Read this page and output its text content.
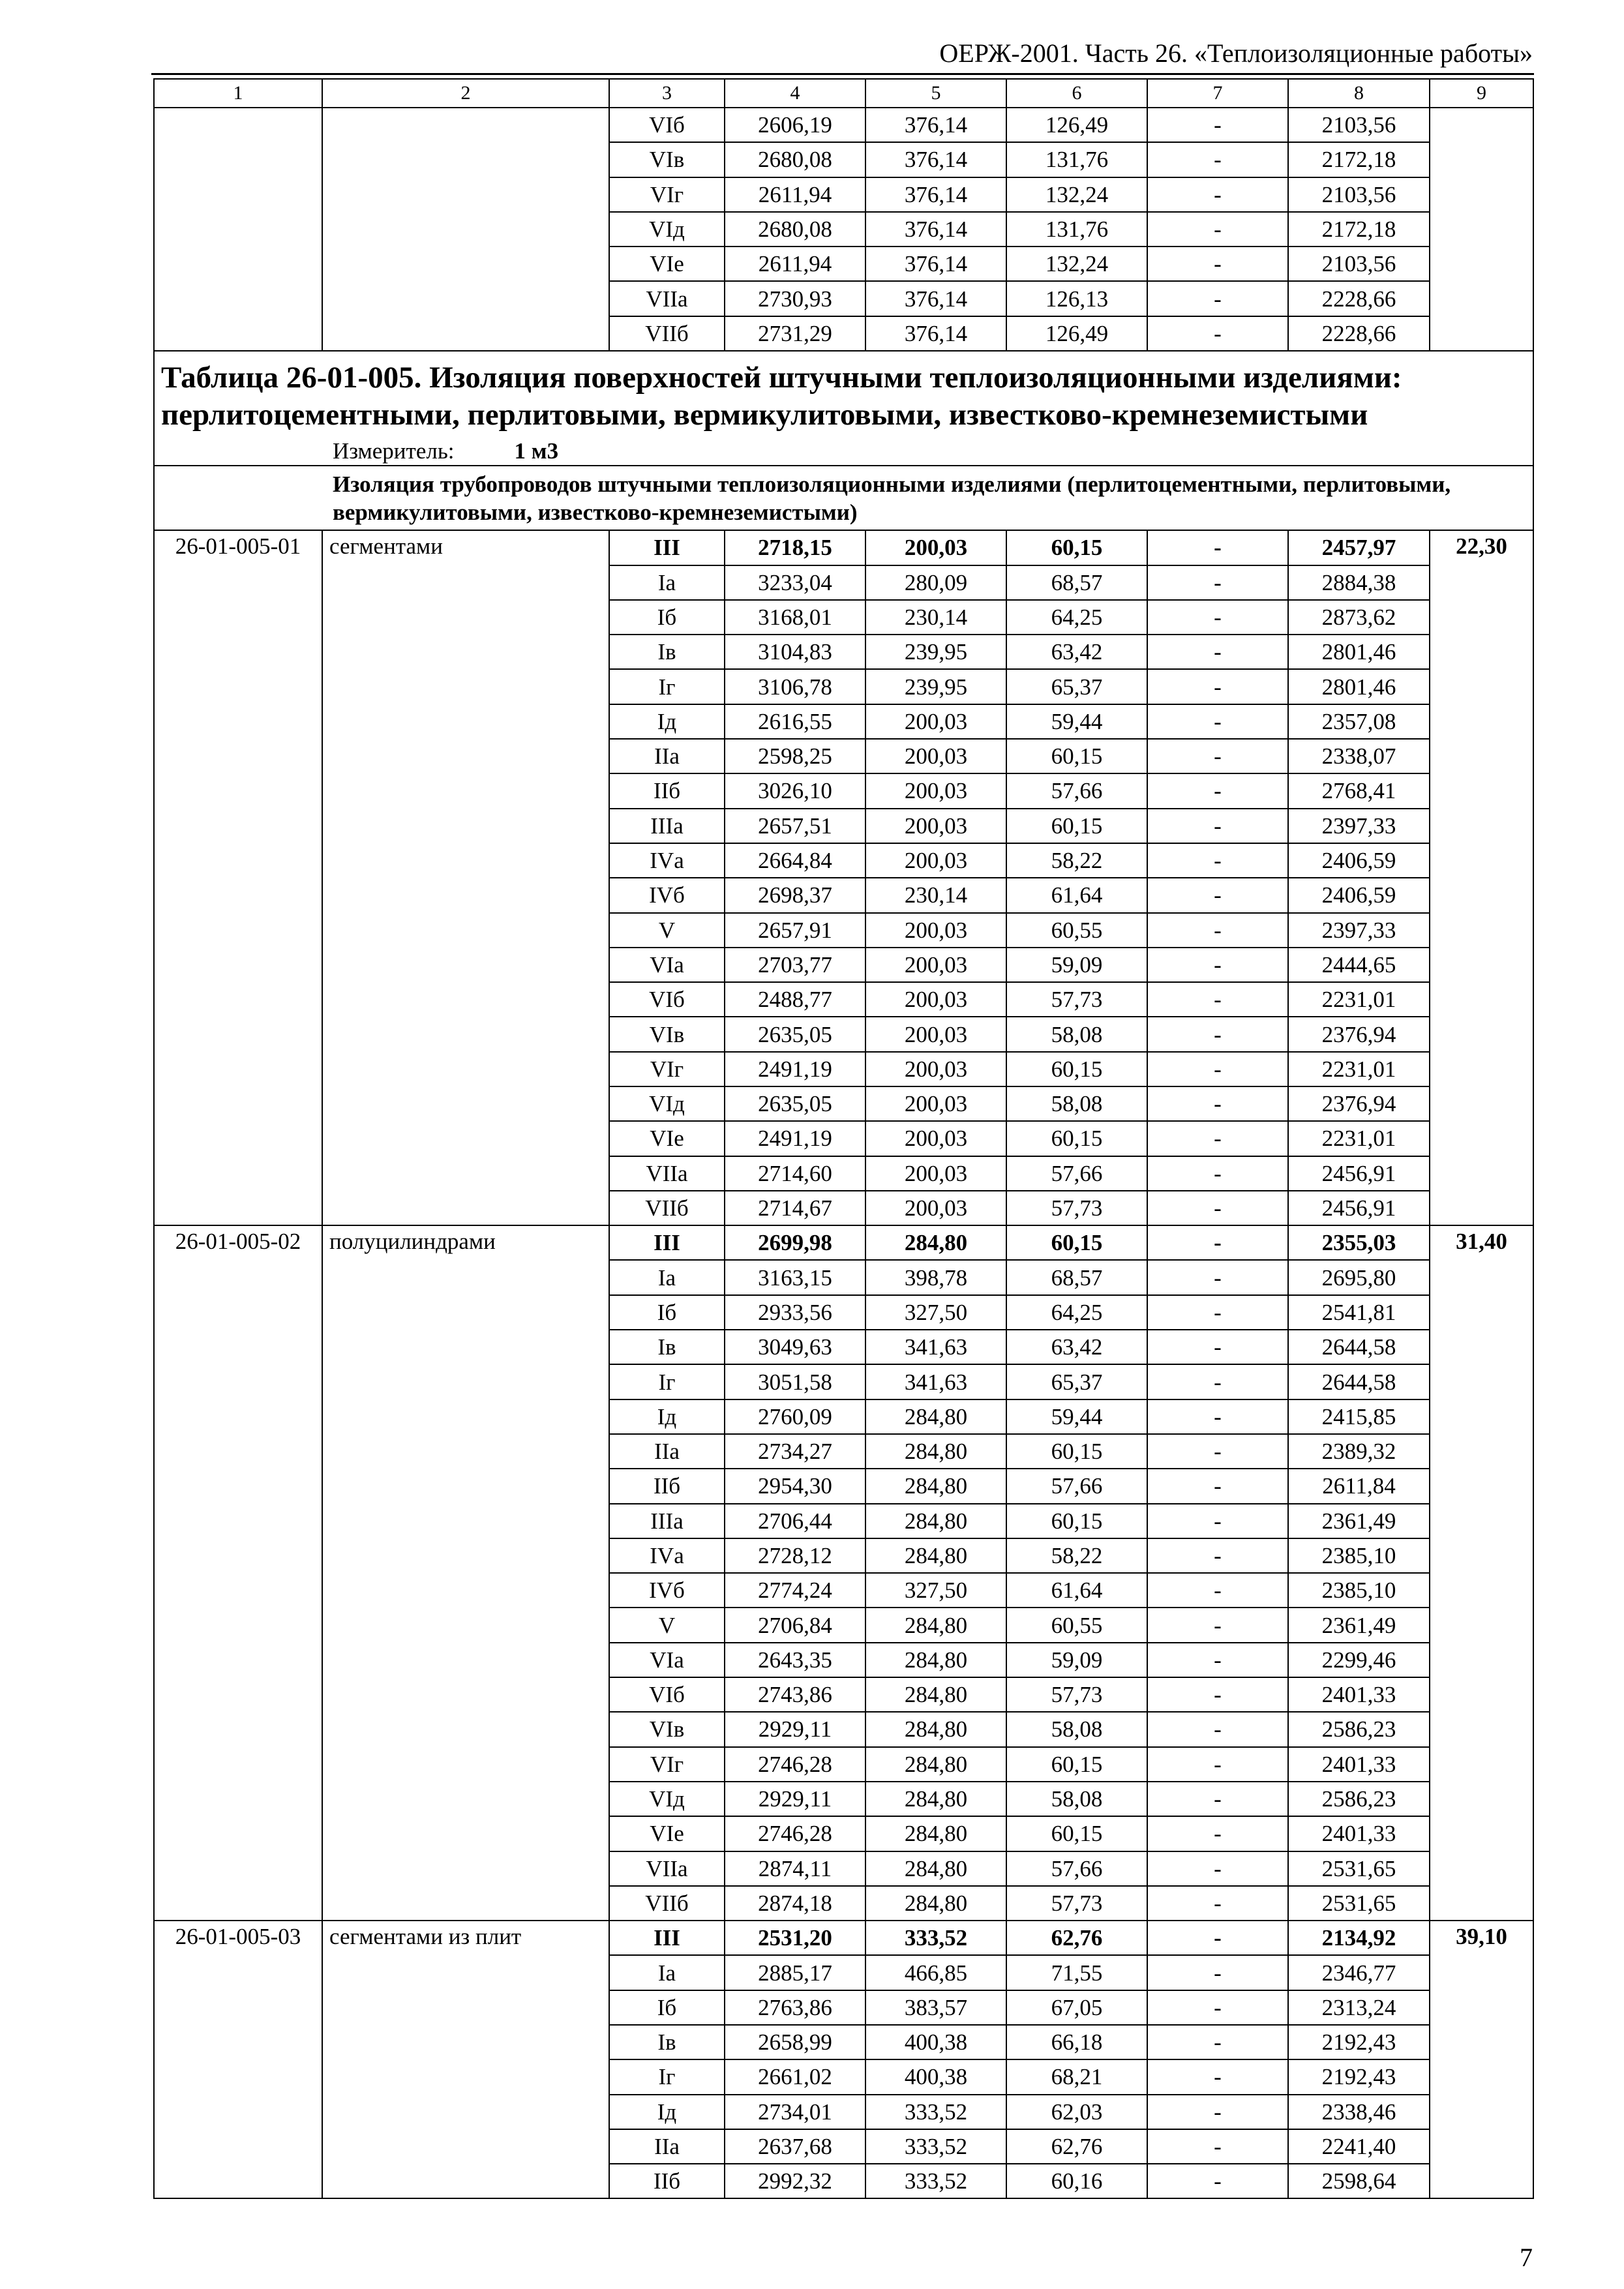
ОЕРЖ-2001. Часть 26. «Теплоизоляционные работы»
1	2	3	4	5	6	7	8	9
		VIб	2606,19	376,14	126,49	-	2103,56	
		VIв	2680,08	376,14	131,76	-	2172,18	
		VIг	2611,94	376,14	132,24	-	2103,56	
		VIд	2680,08	376,14	131,76	-	2172,18	
		VIе	2611,94	376,14	132,24	-	2103,56	
		VIIа	2730,93	376,14	126,13	-	2228,66	
		VIIб	2731,29	376,14	126,49	-	2228,66	

Таблица 26-01-005. Изоляция поверхностей штучными теплоизоляционными изделиями: перлитоцементными, перлитовыми, вермикулитовыми, известково-кремнеземистыми
Измеритель: 1 м3								

Изоляция трубопроводов штучными теплоизоляционными изделиями (перлитоцементными, перлитовыми, вермикулитовыми, известково-кремнеземистыми)								

26-01-005-01	сегментами	III	2718,15	200,03	60,15	-	2457,97	22,30
		Iа	3233,04	280,09	68,57	-	2884,38	
		Iб	3168,01	230,14	64,25	-	2873,62	
		Iв	3104,83	239,95	63,42	-	2801,46	
		Iг	3106,78	239,95	65,37	-	2801,46	
		Iд	2616,55	200,03	59,44	-	2357,08	
		IIа	2598,25	200,03	60,15	-	2338,07	
		IIб	3026,10	200,03	57,66	-	2768,41	
		IIIа	2657,51	200,03	60,15	-	2397,33	
		IVа	2664,84	200,03	58,22	-	2406,59	
		IVб	2698,37	230,14	61,64	-	2406,59	
		V	2657,91	200,03	60,55	-	2397,33	
		VIа	2703,77	200,03	59,09	-	2444,65	
		VIб	2488,77	200,03	57,73	-	2231,01	
		VIв	2635,05	200,03	58,08	-	2376,94	
		VIг	2491,19	200,03	60,15	-	2231,01	
		VIд	2635,05	200,03	58,08	-	2376,94	
		VIе	2491,19	200,03	60,15	-	2231,01	
		VIIа	2714,60	200,03	57,66	-	2456,91	
		VIIб	2714,67	200,03	57,73	-	2456,91	
26-01-005-02	полуцилиндрами	III	2699,98	284,80	60,15	-	2355,03	31,40
		Iа	3163,15	398,78	68,57	-	2695,80	
		Iб	2933,56	327,50	64,25	-	2541,81	
		Iв	3049,63	341,63	63,42	-	2644,58	
		Iг	3051,58	341,63	65,37	-	2644,58	
		Iд	2760,09	284,80	59,44	-	2415,85	
		IIа	2734,27	284,80	60,15	-	2389,32	
		IIб	2954,30	284,80	57,66	-	2611,84	
		IIIа	2706,44	284,80	60,15	-	2361,49	
		IVа	2728,12	284,80	58,22	-	2385,10	
		IVб	2774,24	327,50	61,64	-	2385,10	
		V	2706,84	284,80	60,55	-	2361,49	
		VIа	2643,35	284,80	59,09	-	2299,46	
		VIб	2743,86	284,80	57,73	-	2401,33	
		VIв	2929,11	284,80	58,08	-	2586,23	
		VIг	2746,28	284,80	60,15	-	2401,33	
		VIд	2929,11	284,80	58,08	-	2586,23	
		VIе	2746,28	284,80	60,15	-	2401,33	
		VIIа	2874,11	284,80	57,66	-	2531,65	
		VIIб	2874,18	284,80	57,73	-	2531,65	
26-01-005-03	сегментами из плит	III	2531,20	333,52	62,76	-	2134,92	39,10
		Iа	2885,17	466,85	71,55	-	2346,77	
		Iб	2763,86	383,57	67,05	-	2313,24	
		Iв	2658,99	400,38	66,18	-	2192,43	
		Iг	2661,02	400,38	68,21	-	2192,43	
		Iд	2734,01	333,52	62,03	-	2338,46	
		IIа	2637,68	333,52	62,76	-	2241,40	
		IIб	2992,32	333,52	60,16	-	2598,64	
7
